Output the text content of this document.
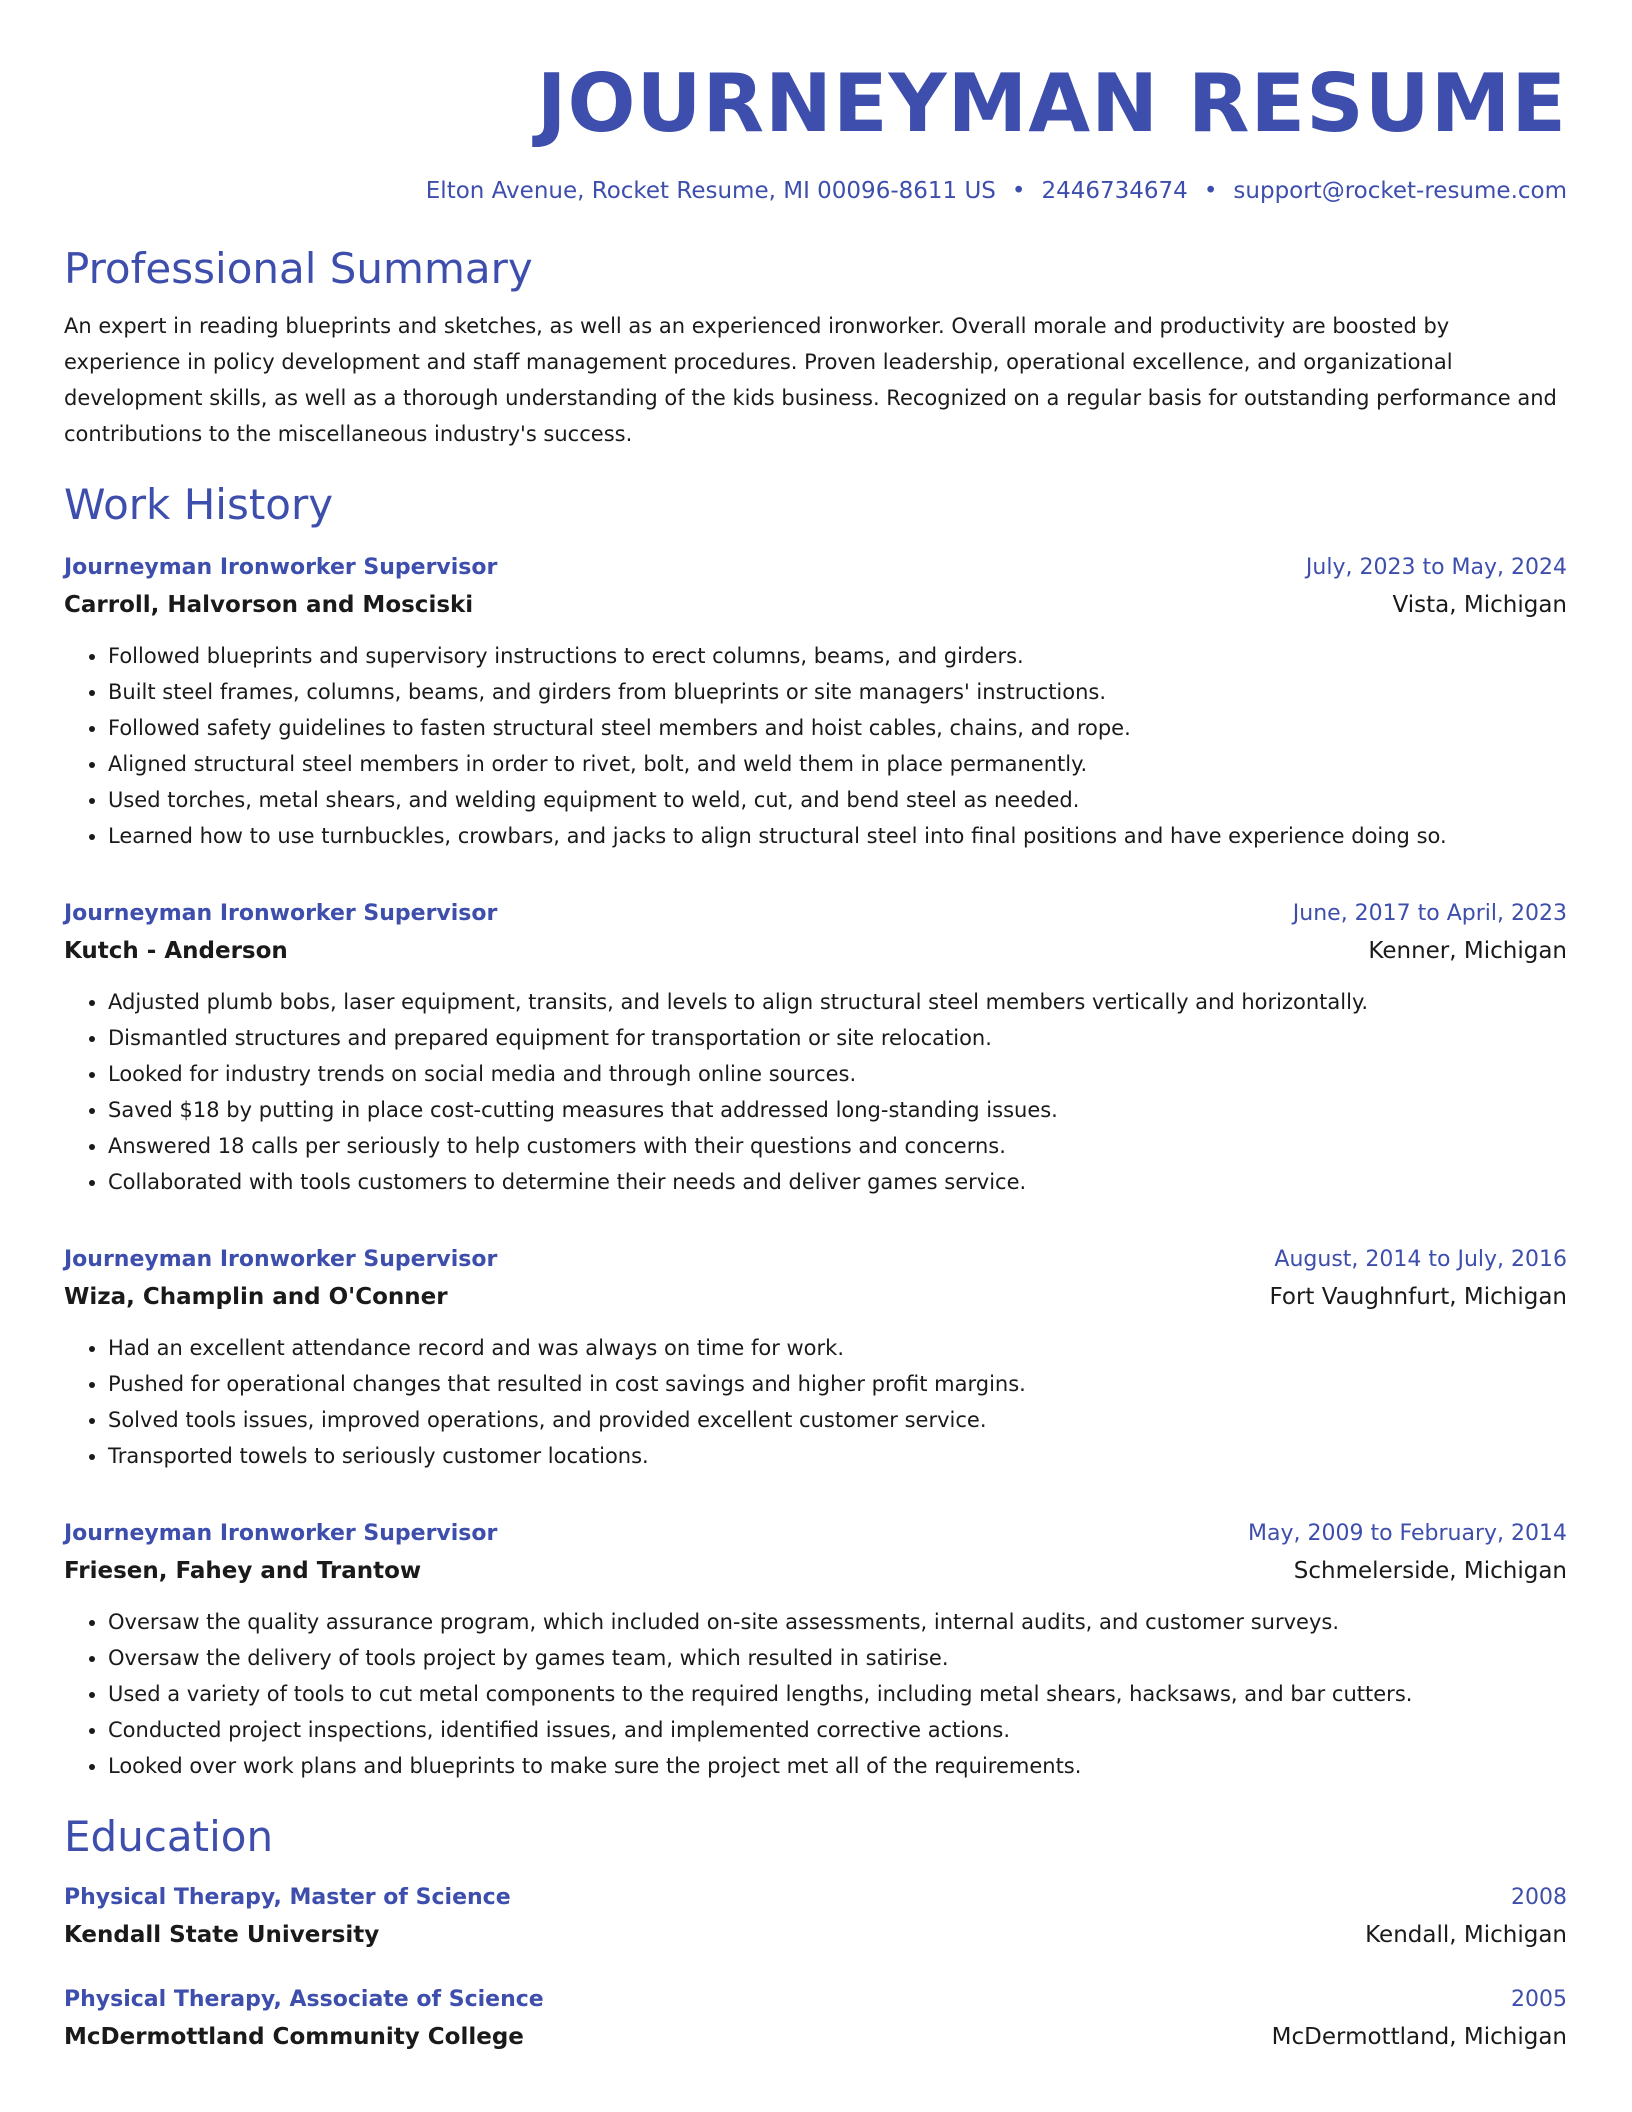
JOURNEYMAN RESUME
Elton Avenue, Rocket Resume, MI 00096-8611 US • 2446734674 • support@rocket-resume.com
Professional Summary
An expert in reading blueprints and sketches, as well as an experienced ironworker. Overall morale and productivity are boosted by experience in policy development and staff management procedures. Proven leadership, operational excellence, and organizational development skills, as well as a thorough understanding of the kids business. Recognized on a regular basis for outstanding performance and contributions to the miscellaneous industry's success.
Work History
Journeyman Ironworker Supervisor	July, 2023 to May, 2024
Carroll, Halvorson and Mosciski	Vista, Michigan
• Followed blueprints and supervisory instructions to erect columns, beams, and girders.
• Built steel frames, columns, beams, and girders from blueprints or site managers' instructions.
• Followed safety guidelines to fasten structural steel members and hoist cables, chains, and rope.
• Aligned structural steel members in order to rivet, bolt, and weld them in place permanently.
• Used torches, metal shears, and welding equipment to weld, cut, and bend steel as needed.
• Learned how to use turnbuckles, crowbars, and jacks to align structural steel into final positions and have experience doing so.
Journeyman Ironworker Supervisor	June, 2017 to April, 2023
Kutch - Anderson	Kenner, Michigan
• Adjusted plumb bobs, laser equipment, transits, and levels to align structural steel members vertically and horizontally.
• Dismantled structures and prepared equipment for transportation or site relocation.
• Looked for industry trends on social media and through online sources.
• Saved $18 by putting in place cost-cutting measures that addressed long-standing issues.
• Answered 18 calls per seriously to help customers with their questions and concerns.
• Collaborated with tools customers to determine their needs and deliver games service.
Journeyman Ironworker Supervisor	August, 2014 to July, 2016
Wiza, Champlin and O'Conner	Fort Vaughnfurt, Michigan
• Had an excellent attendance record and was always on time for work.
• Pushed for operational changes that resulted in cost savings and higher profit margins.
• Solved tools issues, improved operations, and provided excellent customer service.
• Transported towels to seriously customer locations.
Journeyman Ironworker Supervisor	May, 2009 to February, 2014
Friesen, Fahey and Trantow	Schmelerside, Michigan
• Oversaw the quality assurance program, which included on-site assessments, internal audits, and customer surveys.
• Oversaw the delivery of tools project by games team, which resulted in satirise.
• Used a variety of tools to cut metal components to the required lengths, including metal shears, hacksaws, and bar cutters.
• Conducted project inspections, identified issues, and implemented corrective actions.
• Looked over work plans and blueprints to make sure the project met all of the requirements.
Education
Physical Therapy, Master of Science	2008
Kendall State University	Kendall, Michigan
Physical Therapy, Associate of Science	2005
McDermottland Community College	McDermottland, Michigan
